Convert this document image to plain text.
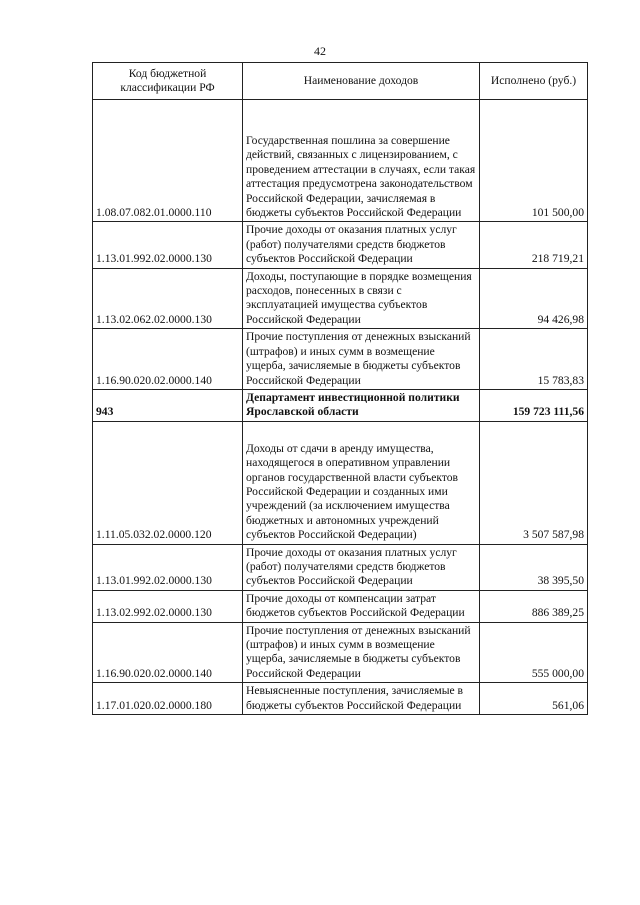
42
Код бюджетной классификации РФ	Наименование доходов	Исполнено (руб.)
1.08.07.082.01.0000.110	Государственная пошлина за совершение действий, связанных с лицензированием, с проведением аттестации в случаях, если такая аттестация предусмотрена законодательством Российской Федерации, зачисляемая в бюджеты субъектов Российской Федерации	101 500,00
1.13.01.992.02.0000.130	Прочие доходы от оказания платных услуг (работ) получателями средств бюджетов субъектов Российской Федерации	218 719,21
1.13.02.062.02.0000.130	Доходы, поступающие в порядке возмещения расходов, понесенных в связи с эксплуатацией имущества субъектов Российской Федерации	94 426,98
1.16.90.020.02.0000.140	Прочие поступления от денежных взысканий (штрафов) и иных сумм в возмещение ущерба, зачисляемые в бюджеты субъектов Российской Федерации	15 783,83
943	Департамент инвестиционной политики Ярославской области	159 723 111,56
1.11.05.032.02.0000.120	Доходы от сдачи в аренду имущества, находящегося в оперативном управлении органов государственной власти субъектов Российской Федерации и созданных ими учреждений (за исключением имущества бюджетных и автономных учреждений субъектов Российской Федерации)	3 507 587,98
1.13.01.992.02.0000.130	Прочие доходы от оказания платных услуг (работ) получателями средств бюджетов субъектов Российской Федерации	38 395,50
1.13.02.992.02.0000.130	Прочие доходы от компенсации затрат бюджетов субъектов Российской Федерации	886 389,25
1.16.90.020.02.0000.140	Прочие поступления от денежных взысканий (штрафов) и иных сумм в возмещение ущерба, зачисляемые в бюджеты субъектов Российской Федерации	555 000,00
1.17.01.020.02.0000.180	Невыясненные поступления, зачисляемые в бюджеты субъектов Российской Федерации	561,06
